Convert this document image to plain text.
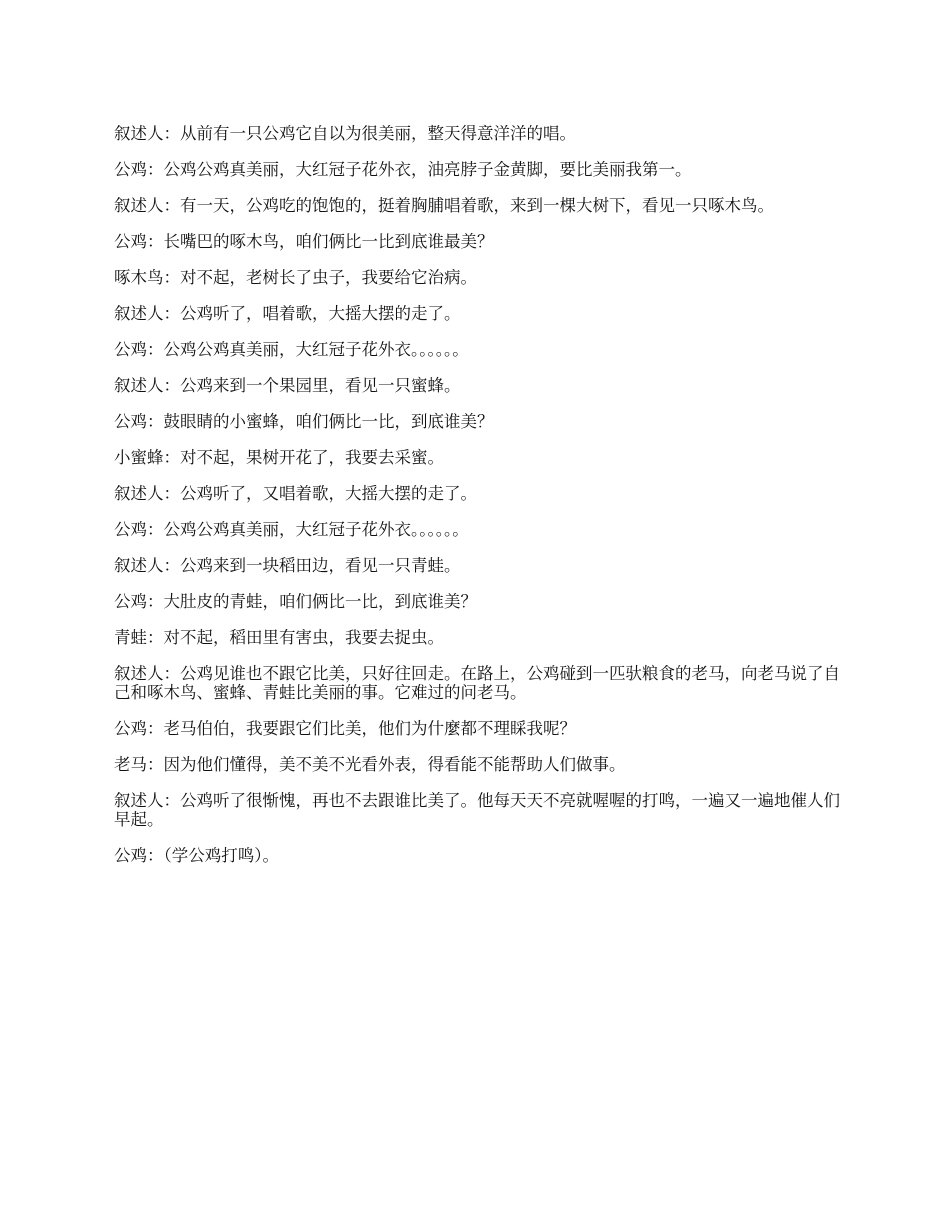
叙述人：从前有一只公鸡它自以为很美丽，整天得意洋洋的唱。

公鸡：公鸡公鸡真美丽，大红冠子花外衣，油亮脖子金黄脚，要比美丽我第一。

叙述人：有一天，公鸡吃的饱饱的，挺着胸脯唱着歌，来到一棵大树下，看见一只啄木鸟。

公鸡：长嘴巴的啄木鸟，咱们俩比一比到底谁最美？

啄木鸟：对不起，老树长了虫子，我要给它治病。

叙述人：公鸡听了，唱着歌，大摇大摆的走了。

公鸡：公鸡公鸡真美丽，大红冠子花外衣。。。。。。

叙述人：公鸡来到一个果园里，看见一只蜜蜂。

公鸡：鼓眼睛的小蜜蜂，咱们俩比一比，到底谁美？

小蜜蜂：对不起，果树开花了，我要去采蜜。

叙述人：公鸡听了，又唱着歌，大摇大摆的走了。

公鸡：公鸡公鸡真美丽，大红冠子花外衣。。。。。。

叙述人：公鸡来到一块稻田边，看见一只青蛙。

公鸡：大肚皮的青蛙，咱们俩比一比，到底谁美？

青蛙：对不起，稻田里有害虫，我要去捉虫。

叙述人：公鸡见谁也不跟它比美，只好往回走。在路上，公鸡碰到一匹驮粮食的老马，向老马说了自己和啄木鸟、蜜蜂、青蛙比美丽的事。它难过的问老马。

公鸡：老马伯伯，我要跟它们比美，他们为什麼都不理睬我呢？

老马：因为他们懂得，美不美不光看外表，得看能不能帮助人们做事。

叙述人：公鸡听了很惭愧，再也不去跟谁比美了。他每天天不亮就喔喔的打鸣，一遍又一遍地催人们早起。

公鸡：（学公鸡打鸣）。
